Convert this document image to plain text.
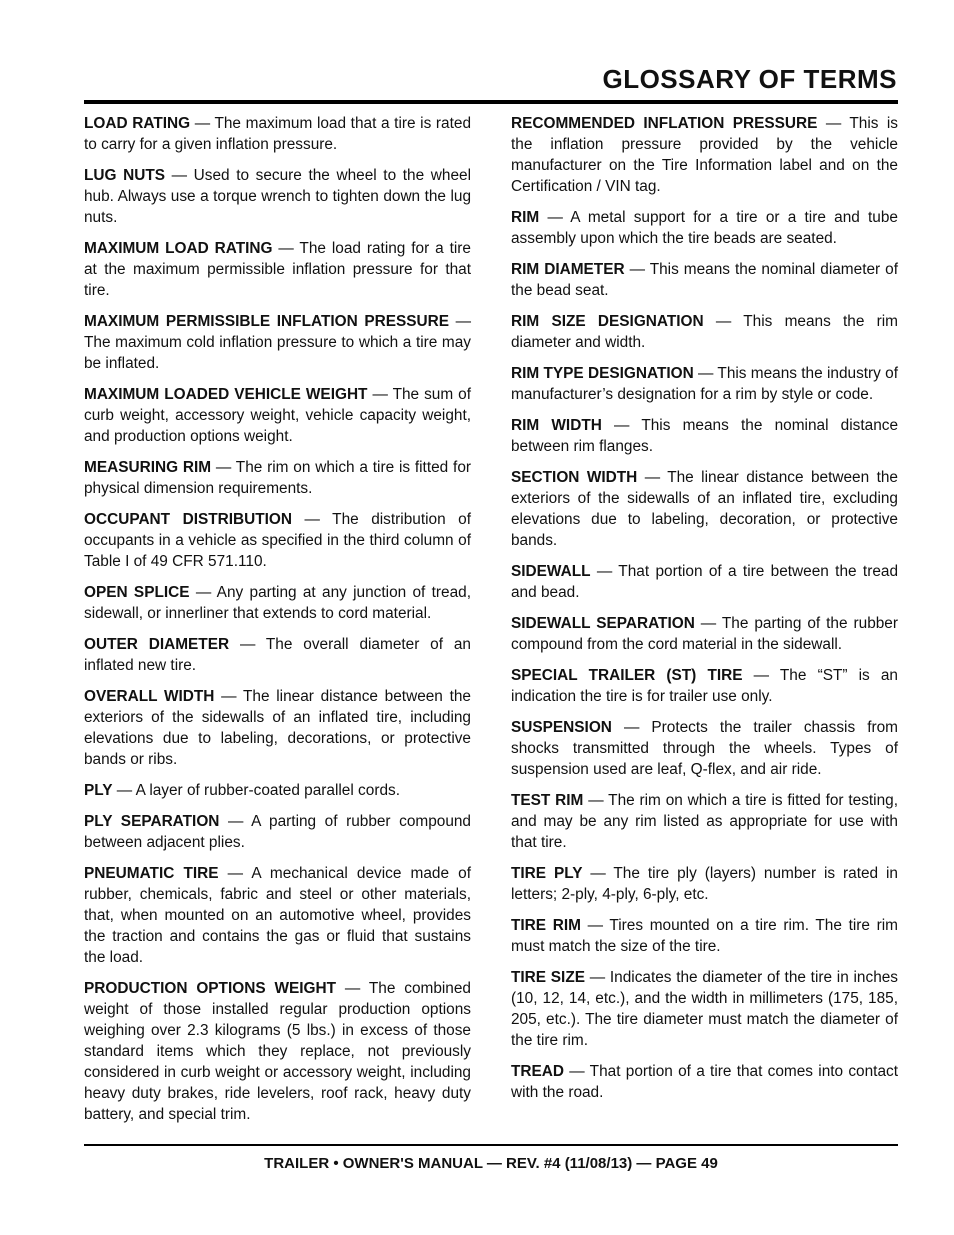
GLOSSARY OF TERMS

LOAD RATING — The maximum load that a tire is rated to carry for a given inflation pressure.

LUG NUTS — Used to secure the wheel to the wheel hub. Always use a torque wrench to tighten down the lug nuts.

MAXIMUM LOAD RATING — The load rating for a tire at the maximum permissible inflation pressure for that tire.

MAXIMUM PERMISSIBLE INFLATION PRESSURE — The maximum cold inflation pressure to which a tire may be inflated.

MAXIMUM LOADED VEHICLE WEIGHT — The sum of curb weight, accessory weight, vehicle capacity weight, and production options weight.

MEASURING RIM — The rim on which a tire is fitted for physical dimension requirements.

OCCUPANT DISTRIBUTION — The distribution of occupants in a vehicle as specified in the third column of Table I of 49 CFR 571.110.

OPEN SPLICE — Any parting at any junction of tread, sidewall, or innerliner that extends to cord material.

OUTER DIAMETER — The overall diameter of an inflated new tire.

OVERALL WIDTH — The linear distance between the exteriors of the sidewalls of an inflated tire, including elevations due to labeling, decorations, or protective bands or ribs.

PLY — A layer of rubber-coated parallel cords.

PLY SEPARATION — A parting of rubber compound between adjacent plies.

PNEUMATIC TIRE — A mechanical device made of rubber, chemicals, fabric and steel or other materials, that, when mounted on an automotive wheel, provides the traction and contains the gas or fluid that sustains the load.

PRODUCTION OPTIONS WEIGHT — The combined weight of those installed regular production options weighing over 2.3 kilograms (5 lbs.) in excess of those standard items which they replace, not previously considered in curb weight or accessory weight, including heavy duty brakes, ride levelers, roof rack, heavy duty battery, and special trim.

RECOMMENDED INFLATION PRESSURE — This is the inflation pressure provided by the vehicle manufacturer on the Tire Information label and on the Certification / VIN tag.

RIM — A metal support for a tire or a tire and tube assembly upon which the tire beads are seated.

RIM DIAMETER — This means the nominal diameter of the bead seat.

RIM SIZE DESIGNATION — This means the rim diameter and width.

RIM TYPE DESIGNATION — This means the industry of manufacturer’s designation for a rim by style or code.

RIM WIDTH — This means the nominal distance between rim flanges.

SECTION WIDTH — The linear distance between the exteriors of the sidewalls of an inflated tire, excluding elevations due to labeling, decoration, or protective bands.

SIDEWALL — That portion of a tire between the tread and bead.

SIDEWALL SEPARATION — The parting of the rubber compound from the cord material in the sidewall.

SPECIAL TRAILER (ST) TIRE — The “ST” is an indication the tire is for trailer use only.

SUSPENSION — Protects the trailer chassis from shocks transmitted through the wheels. Types of suspension used are leaf, Q-flex, and air ride.

TEST RIM — The rim on which a tire is fitted for testing, and may be any rim listed as appropriate for use with that tire.

TIRE PLY — The tire ply (layers) number is rated in letters; 2-ply, 4-ply, 6-ply, etc.

TIRE RIM — Tires mounted on a tire rim. The tire rim must match the size of the tire.

TIRE SIZE — Indicates the diameter of the tire in inches (10, 12, 14, etc.), and the width in millimeters (175, 185, 205, etc.). The tire diameter must match the diameter of the tire rim.

TREAD — That portion of a tire that comes into contact with the road.

TRAILER • OWNER'S MANUAL — REV. #4 (11/08/13) — PAGE 49
